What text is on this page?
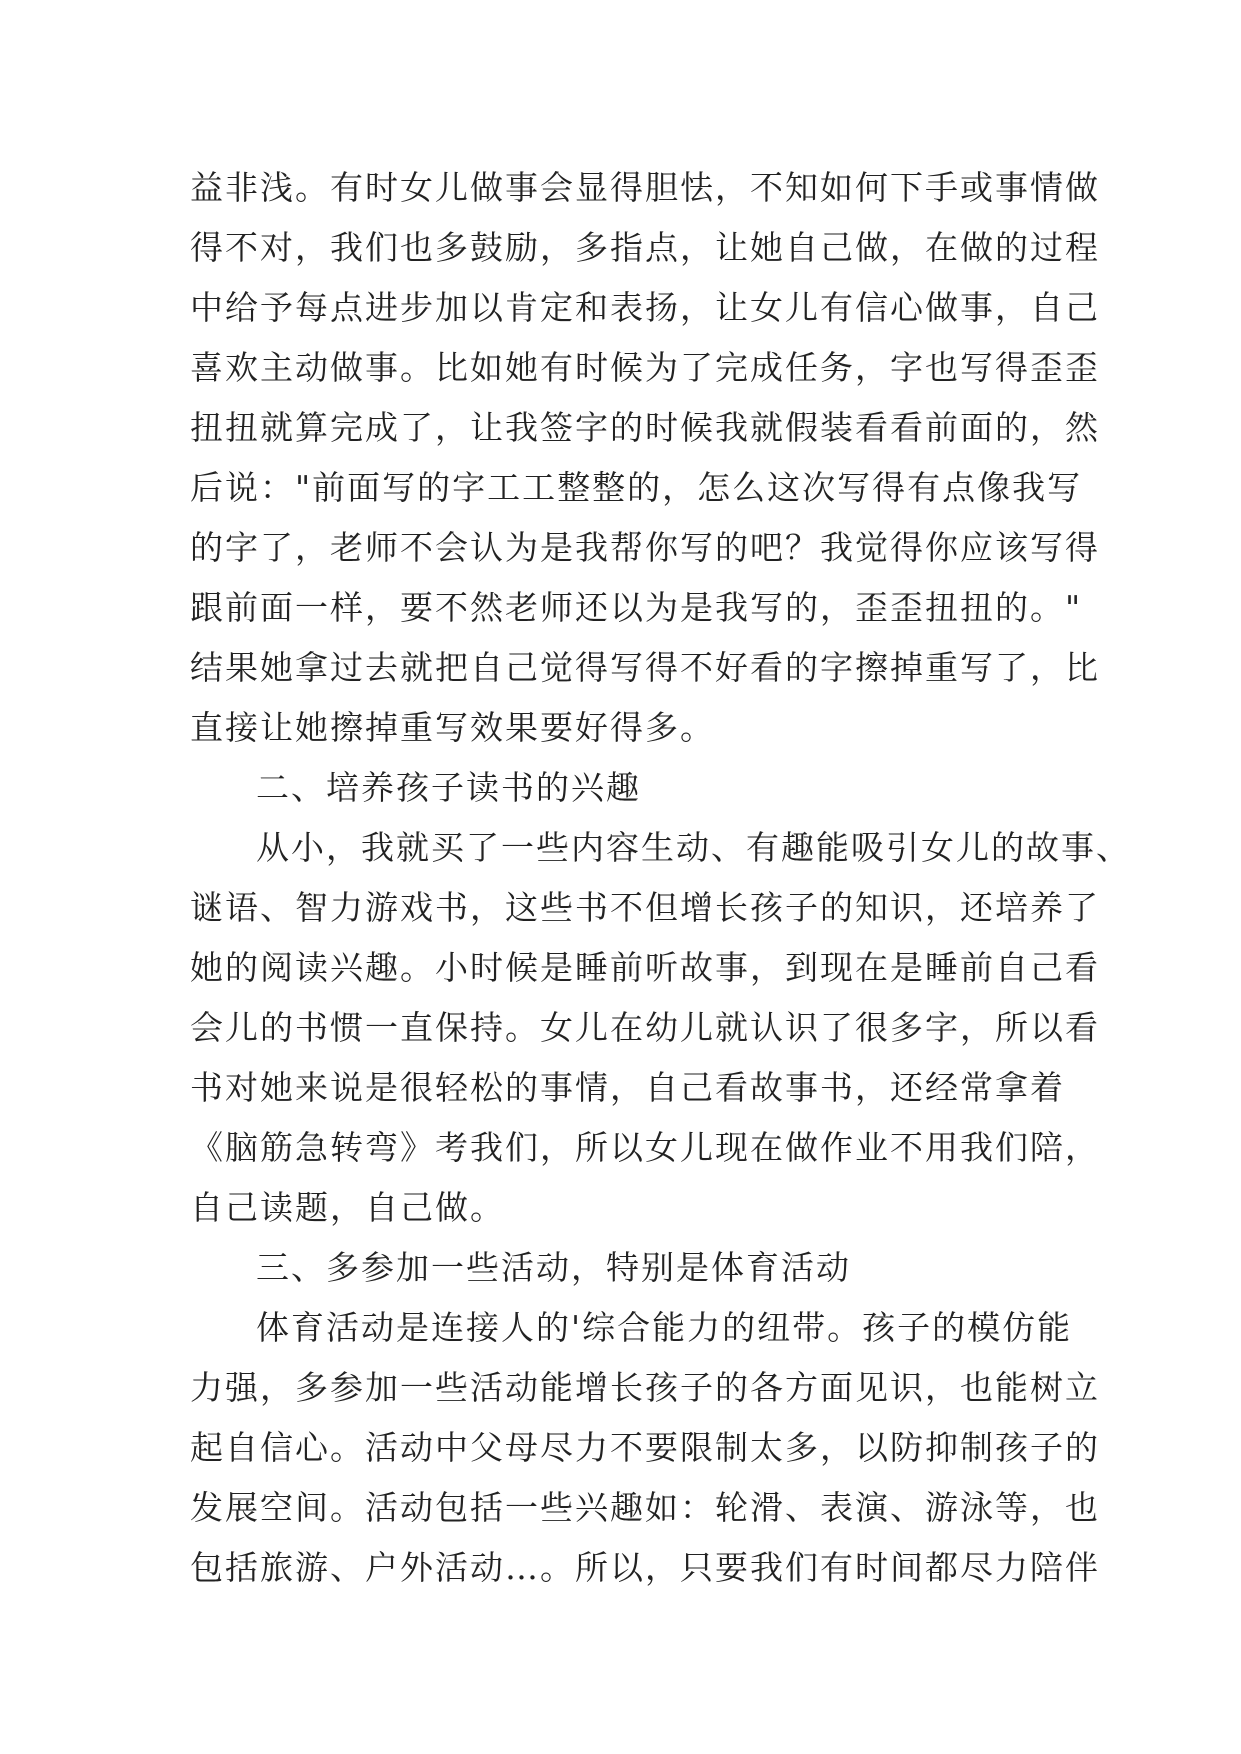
益非浅。有时女儿做事会显得胆怯，不知如何下手或事情做
得不对，我们也多鼓励，多指点，让她自己做，在做的过程
中给予每点进步加以肯定和表扬，让女儿有信心做事，自己
喜欢主动做事。比如她有时候为了完成任务，字也写得歪歪
扭扭就算完成了，让我签字的时候我就假装看看前面的，然
后说："前面写的字工工整整的，怎么这次写得有点像我写
的字了，老师不会认为是我帮你写的吧？我觉得你应该写得
跟前面一样，要不然老师还以为是我写的，歪歪扭扭的。"
结果她拿过去就把自己觉得写得不好看的字擦掉重写了，比
直接让她擦掉重写效果要好得多。
二、培养孩子读书的兴趣
从小，我就买了一些内容生动、有趣能吸引女儿的故事、
谜语、智力游戏书，这些书不但增长孩子的知识，还培养了
她的阅读兴趣。小时候是睡前听故事，到现在是睡前自己看
会儿的书惯一直保持。女儿在幼儿就认识了很多字，所以看
书对她来说是很轻松的事情，自己看故事书，还经常拿着
《脑筋急转弯》考我们，所以女儿现在做作业不用我们陪，
自己读题，自己做。
三、多参加一些活动，特别是体育活动
体育活动是连接人的'综合能力的纽带。孩子的模仿能
力强，多参加一些活动能增长孩子的各方面见识，也能树立
起自信心。活动中父母尽力不要限制太多，以防抑制孩子的
发展空间。活动包括一些兴趣如：轮滑、表演、游泳等，也
包括旅游、户外活动…。所以，只要我们有时间都尽力陪伴
